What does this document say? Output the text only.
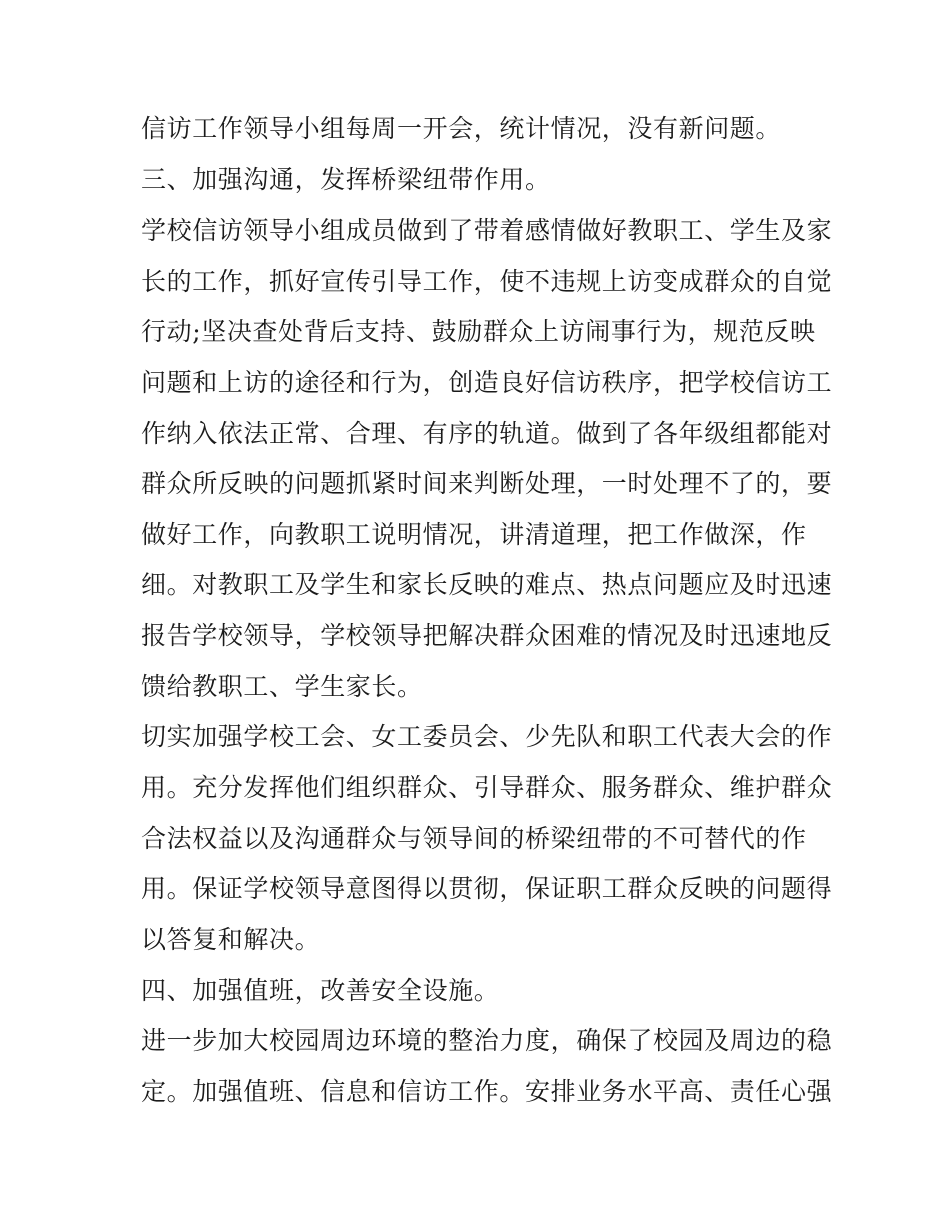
信访工作领导小组每周一开会，统计情况，没有新问题。
三、加强沟通，发挥桥梁纽带作用。
学校信访领导小组成员做到了带着感情做好教职工、学生及家
长的工作，抓好宣传引导工作，使不违规上访变成群众的自觉
行动;坚决查处背后支持、鼓励群众上访闹事行为，规范反映
问题和上访的途径和行为，创造良好信访秩序，把学校信访工
作纳入依法正常、合理、有序的轨道。做到了各年级组都能对
群众所反映的问题抓紧时间来判断处理，一时处理不了的，要
做好工作，向教职工说明情况，讲清道理，把工作做深，作
细。对教职工及学生和家长反映的难点、热点问题应及时迅速
报告学校领导，学校领导把解决群众困难的情况及时迅速地反
馈给教职工、学生家长。
切实加强学校工会、女工委员会、少先队和职工代表大会的作
用。充分发挥他们组织群众、引导群众、服务群众、维护群众
合法权益以及沟通群众与领导间的桥梁纽带的不可替代的作
用。保证学校领导意图得以贯彻，保证职工群众反映的问题得
以答复和解决。
四、加强值班，改善安全设施。
进一步加大校园周边环境的整治力度，确保了校园及周边的稳
定。加强值班、信息和信访工作。安排业务水平高、责任心强
